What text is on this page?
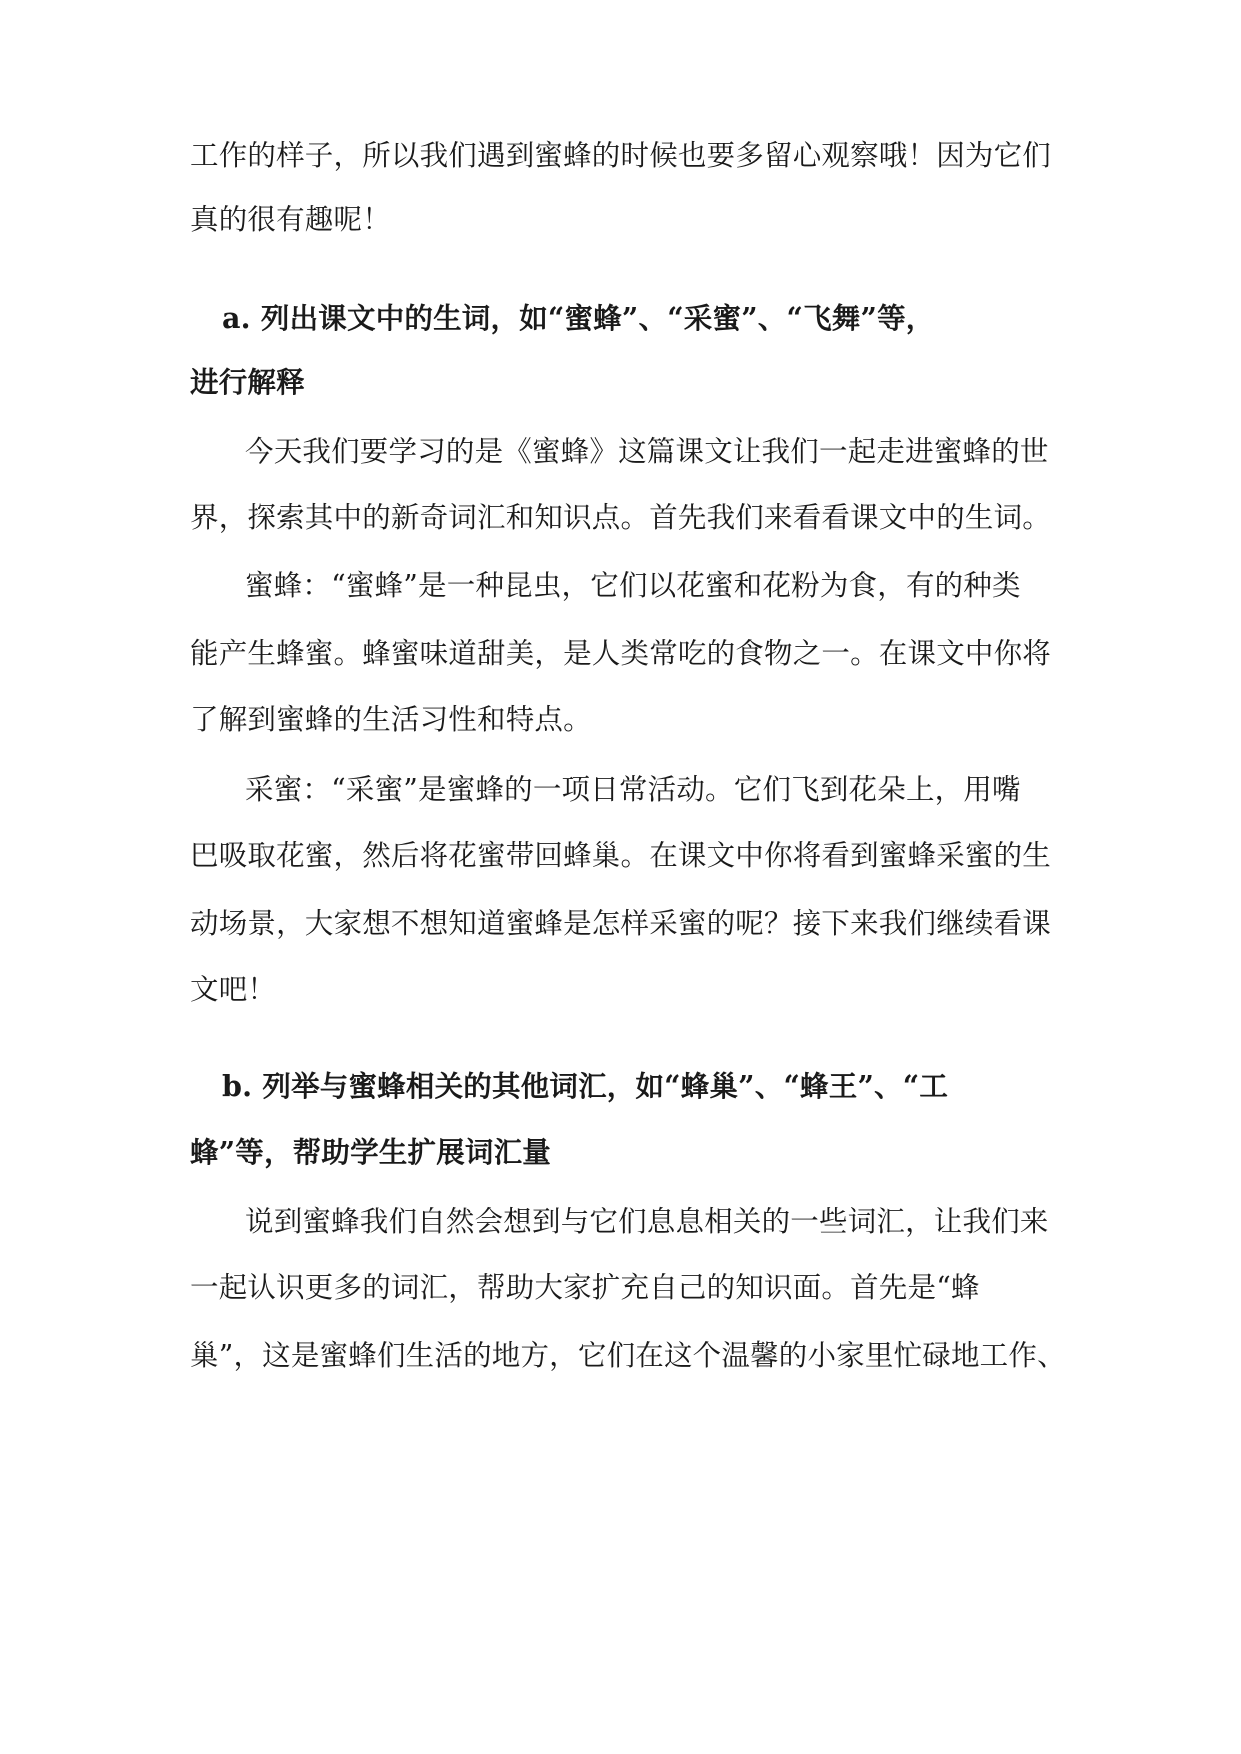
工作的样子，所以我们遇到蜜蜂的时候也要多留心观察哦！因为它们
真的很有趣呢！
a. 列出课文中的生词，如“蜜蜂”、“采蜜”、“飞舞”等，
进行解释
今天我们要学习的是《蜜蜂》这篇课文让我们一起走进蜜蜂的世
界，探索其中的新奇词汇和知识点。首先我们来看看课文中的生词。
蜜蜂：“蜜蜂”是一种昆虫，它们以花蜜和花粉为食，有的种类
能产生蜂蜜。蜂蜜味道甜美，是人类常吃的食物之一。在课文中你将
了解到蜜蜂的生活习性和特点。
采蜜：“采蜜”是蜜蜂的一项日常活动。它们飞到花朵上，用嘴
巴吸取花蜜，然后将花蜜带回蜂巢。在课文中你将看到蜜蜂采蜜的生
动场景，大家想不想知道蜜蜂是怎样采蜜的呢？接下来我们继续看课
文吧！
b. 列举与蜜蜂相关的其他词汇，如“蜂巢”、“蜂王”、“工
蜂”等，帮助学生扩展词汇量
说到蜜蜂我们自然会想到与它们息息相关的一些词汇，让我们来
一起认识更多的词汇，帮助大家扩充自己的知识面。首先是“蜂
巢”，这是蜜蜂们生活的地方，它们在这个温馨的小家里忙碌地工作、
